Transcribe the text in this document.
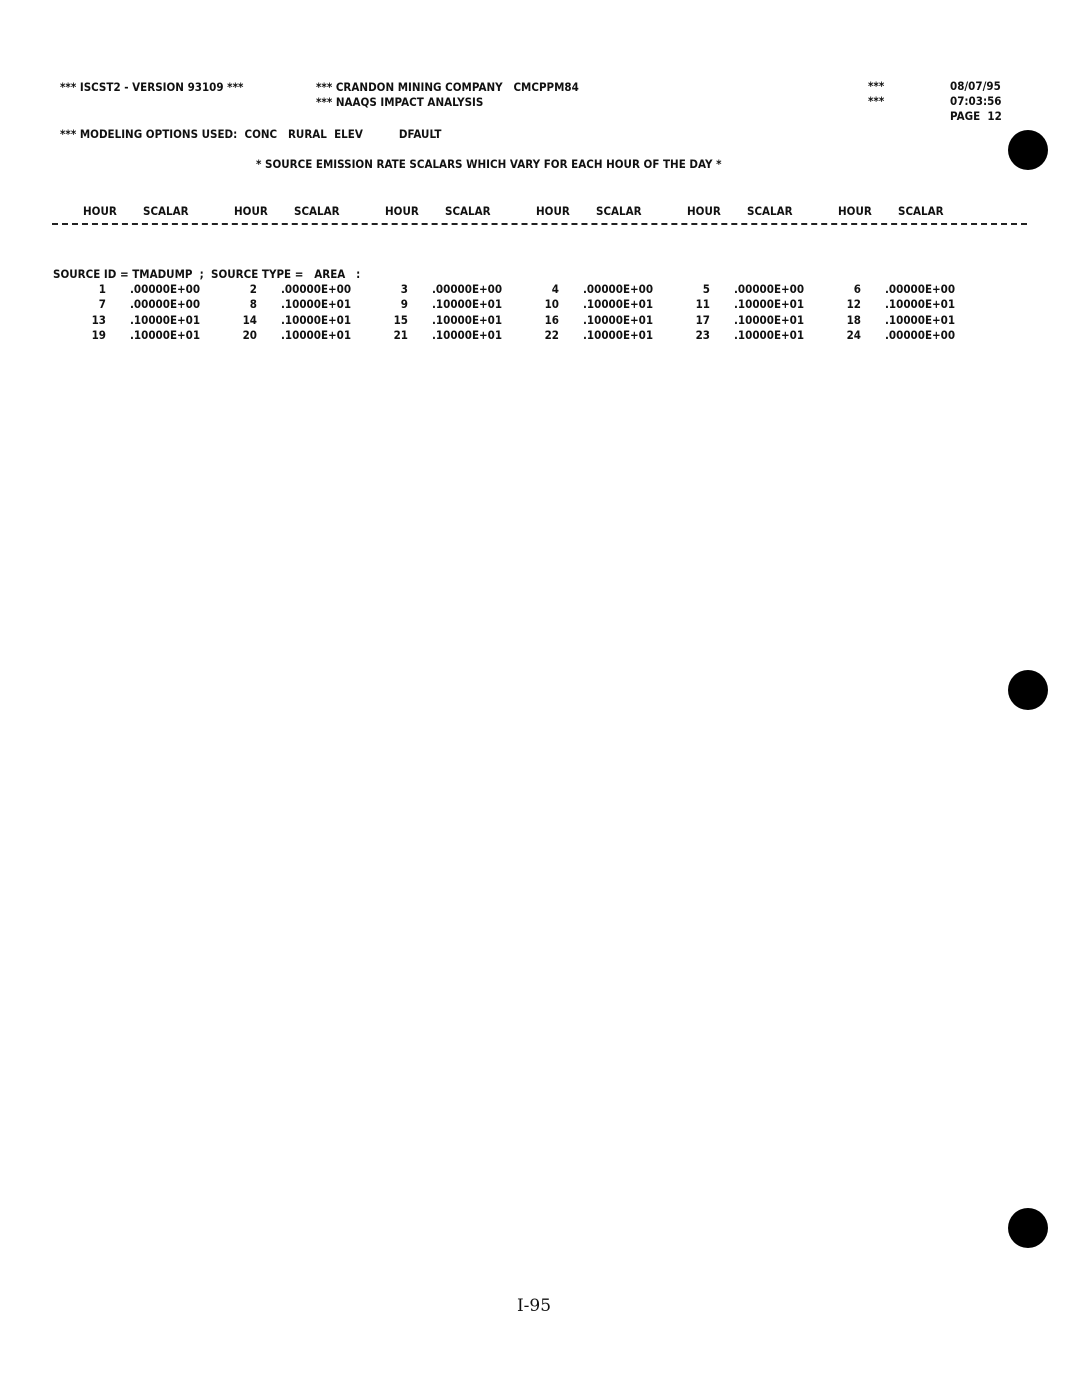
*** ISCST2 - VERSION 93109 ***	*** CRANDON MINING COMPANY   CMCPPM84
*** NAAQS IMPACT ANALYSIS
***
***
08/07/95
07:03:56
PAGE  12
*** MODELING OPTIONS USED:  CONC   RURAL  ELEV          DFAULT
* SOURCE EMISSION RATE SCALARS WHICH VARY FOR EACH HOUR OF THE DAY *
HOUR SCALAR	HOUR SCALAR	HOUR SCALAR	HOUR SCALAR	HOUR SCALAR	HOUR SCALAR
SOURCE ID = TMADUMP  ;  SOURCE TYPE =   AREA   :
1 .00000E+00	2 .00000E+00	3 .00000E+00	4 .00000E+00	5 .00000E+00	6 .00000E+00
7 .00000E+00	8 .10000E+01	9 .10000E+01	10 .10000E+01	11 .10000E+01	12 .10000E+01
13 .10000E+01	14 .10000E+01	15 .10000E+01	16 .10000E+01	17 .10000E+01	18 .10000E+01
19 .10000E+01	20 .10000E+01	21 .10000E+01	22 .10000E+01	23 .10000E+01	24 .00000E+00
I-95
